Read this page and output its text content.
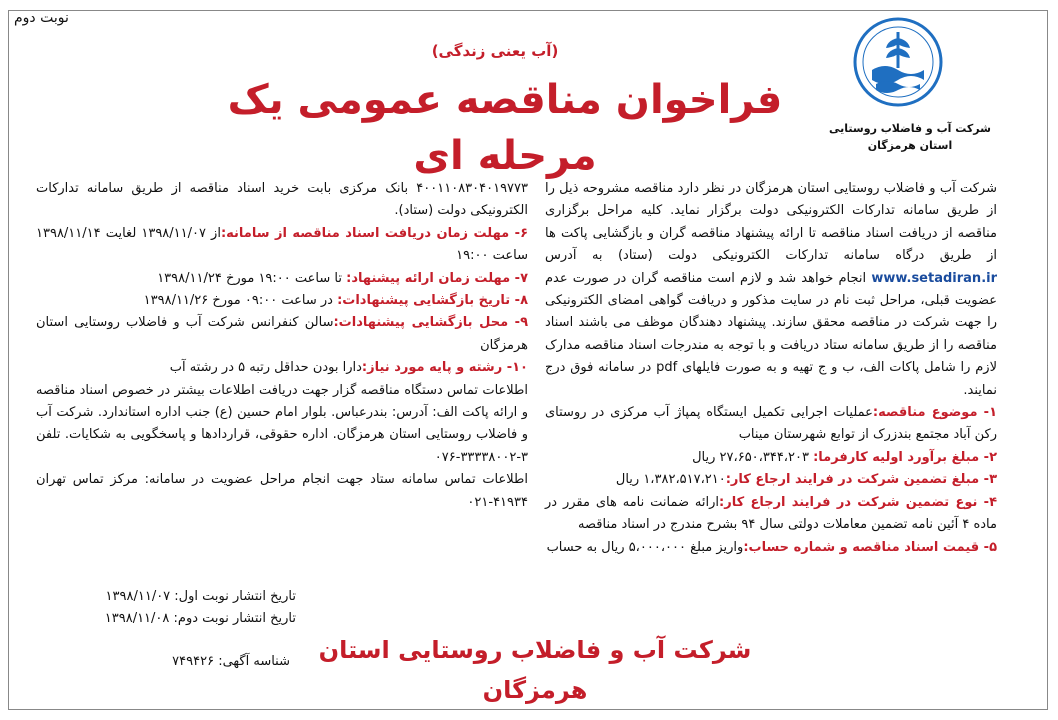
نوبت دوم
شرکت آب و فاضلاب روستایی
استان هرمزگان
(آب یعنی زندگی)
فراخوان مناقصه عمومی یک مرحله ای

شرکت آب و فاضلاب روستایی استان هرمزگان در نظر دارد مناقصه مشروحه ذیل را از طریق سامانه تدارکات الکترونیکی دولت برگزار نماید. کلیه مراحل برگزاری مناقصه از دریافت اسناد مناقصه تا ارائه پیشنهاد مناقصه گران و بازگشایی پاکت ها از طریق درگاه سامانه تدارکات الکترونیکی دولت (ستاد) به آدرس www.setadiran.ir انجام خواهد شد و لازم است مناقصه گران در صورت عدم عضویت قبلی، مراحل ثبت نام در سایت مذکور و دریافت گواهی امضای الکترونیکی را جهت شرکت در مناقصه محقق سازند. پیشنهاد دهندگان موظف می باشند اسناد مناقصه را از طریق سامانه ستاد دریافت و با توجه به مندرجات اسناد مناقصه مدارک لازم را شامل پاکات الف، ب و ج تهیه و به صورت فایلهای pdf در سامانه فوق درج نمایند.

۱- موضوع مناقصه:عملیات اجرایی تکمیل ایستگاه پمپاژ آب مرکزی در روستای رکن آباد مجتمع بندزرک از توابع شهرستان میناب

۲- مبلغ برآورد اولیه کارفرما: ۲۷،۶۵۰،۳۴۴،۲۰۳ ریال

۳- مبلغ تضمین شرکت در فرایند ارجاع کار:۱،۳۸۲،۵۱۷،۲۱۰ ریال

۴- نوع تضمین شرکت در فرایند ارجاع کار:ارائه ضمانت نامه های مقرر در ماده ۴ آئین نامه تضمین معاملات دولتی سال ۹۴ بشرح مندرج در اسناد مناقصه

۵- قیمت اسناد مناقصه و شماره حساب:واریز مبلغ ۵،۰۰۰،۰۰۰ ریال به حساب

۴۰۰۱۱۰۸۳۰۴۰۱۹۷۷۳ بانک مرکزی بابت خرید اسناد مناقصه از طریق سامانه تدارکات الکترونیکی دولت (ستاد).

۶- مهلت زمان دریافت اسناد مناقصه از سامانه:از ۱۳۹۸/۱۱/۰۷ لغایت ۱۳۹۸/۱۱/۱۴ ساعت ۱۹:۰۰

۷- مهلت زمان ارائه پیشنهاد: تا ساعت ۱۹:۰۰ مورخ ۱۳۹۸/۱۱/۲۴

۸- تاریخ بازگشایی پیشنهادات: در ساعت ۰۹:۰۰ مورخ ۱۳۹۸/۱۱/۲۶

۹- محل بازگشایی پیشنهادات:سالن کنفرانس شرکت آب و فاضلاب روستایی استان هرمزگان

۱۰- رشته و پایه مورد نیاز:دارا بودن حداقل رتبه ۵ در رشته آب

اطلاعات تماس دستگاه مناقصه گزار جهت دریافت اطلاعات بیشتر در خصوص اسناد مناقصه و ارائه پاکت الف: آدرس: بندرعباس. بلوار امام حسین (ع) جنب اداره استاندارد. شرکت آب و فاضلاب روستایی استان هرمزگان. اداره حقوقی، قراردادها و پاسخگویی به شکایات. تلفن ۳-۳۳۳۳۸۰۰۲-۰۷۶

اطلاعات تماس سامانه ستاد جهت انجام مراحل عضویت در سامانه: مرکز تماس تهران ۴۱۹۳۴-۰۲۱

تاریخ انتشار نوبت اول: ۱۳۹۸/۱۱/۰۷
تاریخ انتشار نوبت دوم: ۱۳۹۸/۱۱/۰۸
شناسه آگهی: ۷۴۹۴۲۶	شرکت آب و فاضلاب روستایی استان هرمزگان
